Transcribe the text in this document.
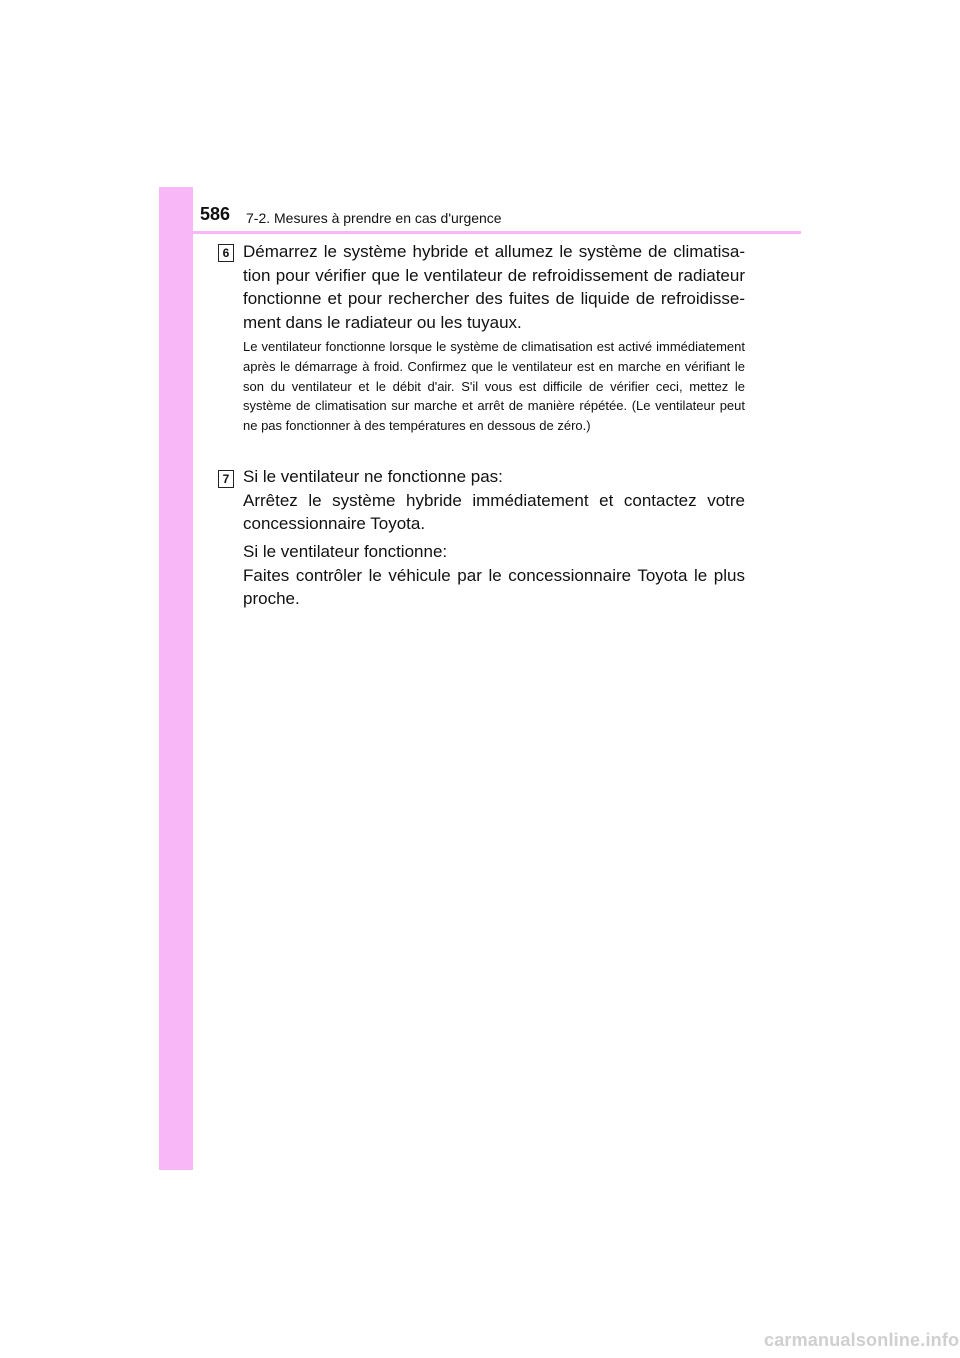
586 7-2. Mesures à prendre en cas d'urgence
6 Démarrez le système hybride et allumez le système de climatisation pour vérifier que le ventilateur de refroidissement de radiateur fonctionne et pour rechercher des fuites de liquide de refroidissement dans le radiateur ou les tuyaux.

Le ventilateur fonctionne lorsque le système de climatisation est activé immédiatement après le démarrage à froid. Confirmez que le ventilateur est en marche en vérifiant le son du ventilateur et le débit d'air. S'il vous est difficile de vérifier ceci, mettez le système de climatisation sur marche et arrêt de manière répétée. (Le ventilateur peut ne pas fonctionner à des températures en dessous de zéro.)

7 Si le ventilateur ne fonctionne pas:
Arrêtez le système hybride immédiatement et contactez votre concessionnaire Toyota.
Si le ventilateur fonctionne:
Faites contrôler le véhicule par le concessionnaire Toyota le plus proche.
carmanualsonline.info
